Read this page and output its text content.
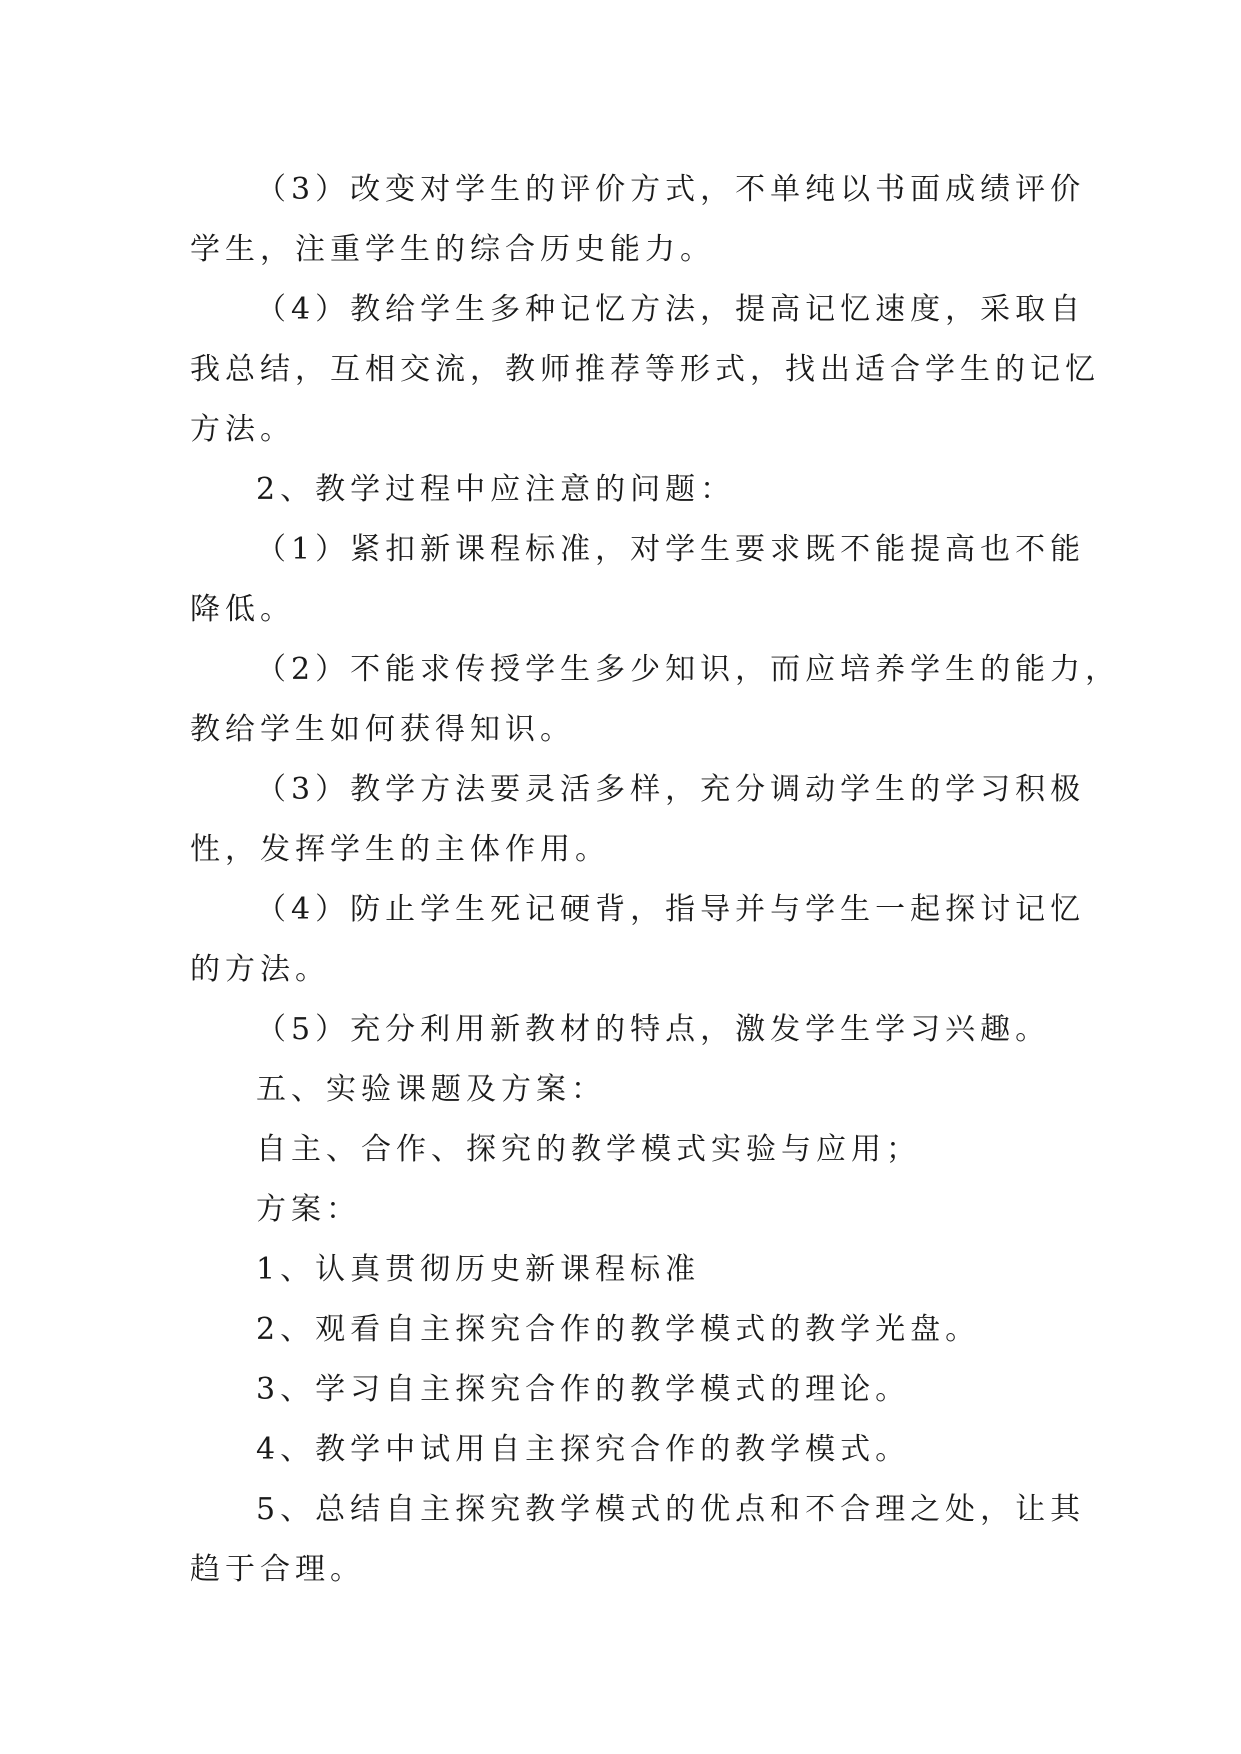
（3）改变对学生的评价方式，不单纯以书面成绩评价
学生，注重学生的综合历史能力。

（4）教给学生多种记忆方法，提高记忆速度，采取自
我总结，互相交流，教师推荐等形式，找出适合学生的记忆
方法。

2、教学过程中应注意的问题：

（1）紧扣新课程标准，对学生要求既不能提高也不能
降低。

（2）不能求传授学生多少知识，而应培养学生的能力，
教给学生如何获得知识。

（3）教学方法要灵活多样，充分调动学生的学习积极
性，发挥学生的主体作用。

（4）防止学生死记硬背，指导并与学生一起探讨记忆
的方法。

（5）充分利用新教材的特点，激发学生学习兴趣。

五、实验课题及方案：

自主、合作、探究的教学模式实验与应用；

方案：

1、认真贯彻历史新课程标准

2、观看自主探究合作的教学模式的教学光盘。

3、学习自主探究合作的教学模式的理论。

4、教学中试用自主探究合作的教学模式。

5、总结自主探究教学模式的优点和不合理之处，让其
趋于合理。
